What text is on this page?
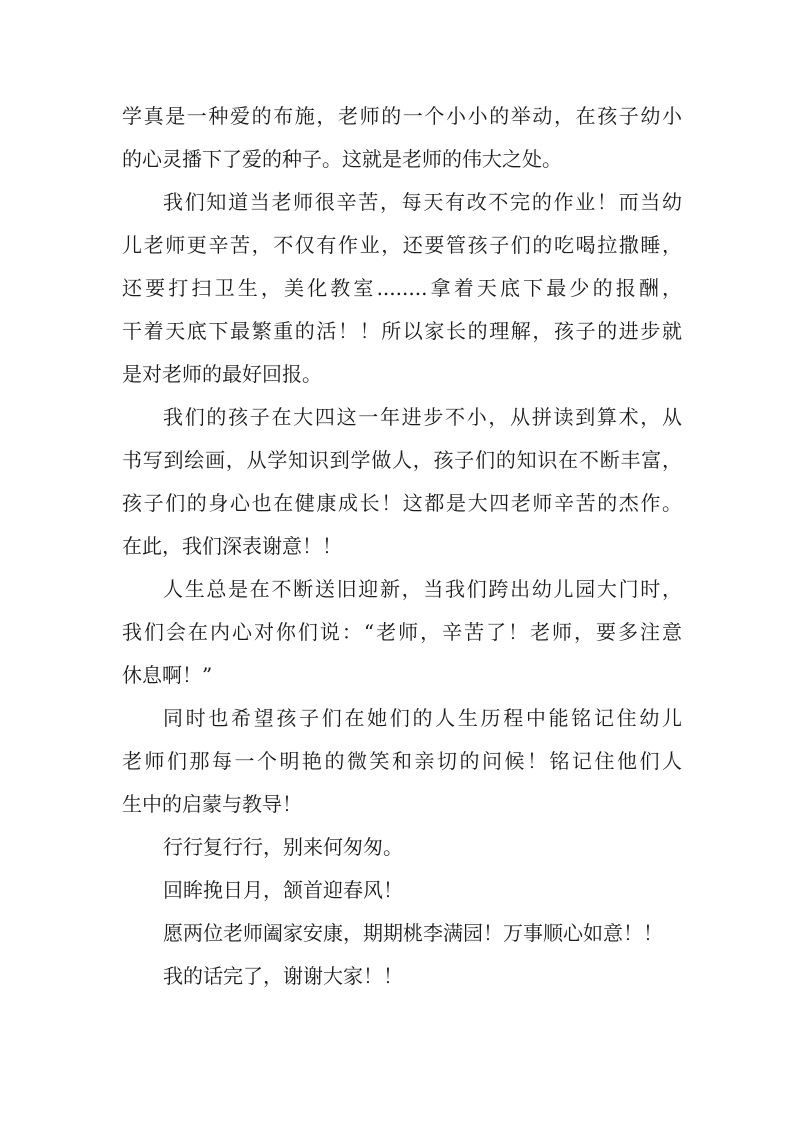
学真是一种爱的布施，老师的一个小小的举动，在孩子幼小
的心灵播下了爱的种子。这就是老师的伟大之处。
我们知道当老师很辛苦，每天有改不完的作业！而当幼
儿老师更辛苦，不仅有作业，还要管孩子们的吃喝拉撒睡，
还要打扫卫生，美化教室........拿着天底下最少的报酬，
干着天底下最繁重的活！！所以家长的理解，孩子的进步就
是对老师的最好回报。
我们的孩子在大四这一年进步不小，从拼读到算术，从
书写到绘画，从学知识到学做人，孩子们的知识在不断丰富，
孩子们的身心也在健康成长！这都是大四老师辛苦的杰作。
在此，我们深表谢意！！
人生总是在不断送旧迎新，当我们跨出幼儿园大门时，
我们会在内心对你们说：“老师，辛苦了！老师，要多注意
休息啊！”
同时也希望孩子们在她们的人生历程中能铭记住幼儿
老师们那每一个明艳的微笑和亲切的问候！铭记住他们人
生中的启蒙与教导！
行行复行行，别来何匆匆。
回眸挽日月，颔首迎春风！
愿两位老师阖家安康，期期桃李满园！万事顺心如意！！
我的话完了，谢谢大家！！
